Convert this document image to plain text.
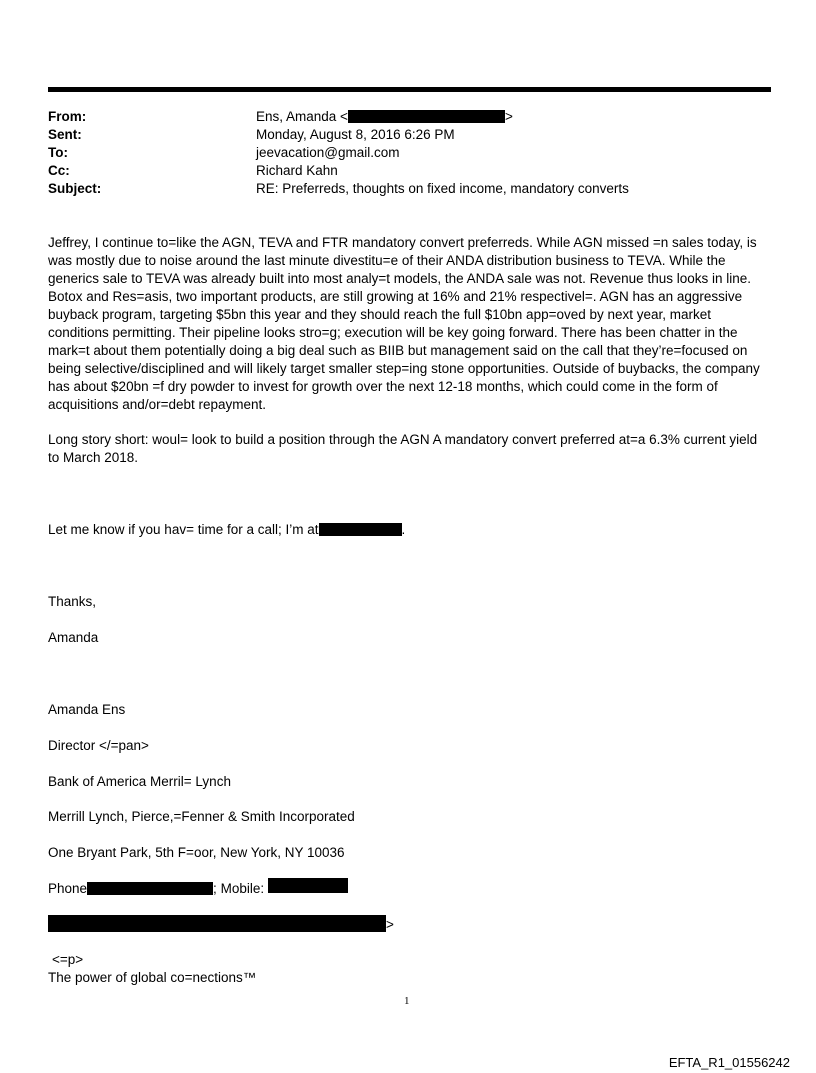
From:	Ens, Amanda <	>
Sent:	Monday, August 8, 2016 6:26 PM
To:	jeevacation@gmail.com
Cc:	Richard Kahn
Subject:	RE: Preferreds, thoughts on fixed income, mandatory converts
Jeffrey, I continue to=like the AGN, TEVA and FTR mandatory convert preferreds. While AGN missed =n sales today, is was mostly due to noise around the last minute divestitu=e of their ANDA distribution business to TEVA. While the generics sale to TEVA was already built into most analy=t models, the ANDA sale was not. Revenue thus looks in line. Botox and Res=asis, two important products, are still growing at 16% and 21% respectivel=. AGN has an aggressive buyback program, targeting $5bn this year and they should reach the full $10bn app=oved by next year, market conditions permitting. Their pipeline looks stro=g; execution will be key going forward. There has been chatter in the mark=t about them potentially doing a big deal such as BIIB but management said on the call that they’re=focused on being selective/disciplined and will likely target smaller step=ing stone opportunities. Outside of buybacks, the company has about $20bn =f dry powder to invest for growth over the next 12-18 months, which could come in the form of acquisitions and/or=debt repayment.
Long story short: woul= look to build a position through the AGN A mandatory convert preferred at=a 6.3% current yield to March 2018.
Let me know if you hav= time for a call; I’m at	.
Thanks,
Amanda
Amanda Ens
Director </=pan>
Bank of America Merril= Lynch
Merrill Lynch, Pierce,=Fenner & Smith Incorporated
One Bryant Park, 5th F=oor, New York, NY 10036
Phone	; Mobile:
>
<=p>
The power of global co=nections™
1
EFTA_R1_01556242
